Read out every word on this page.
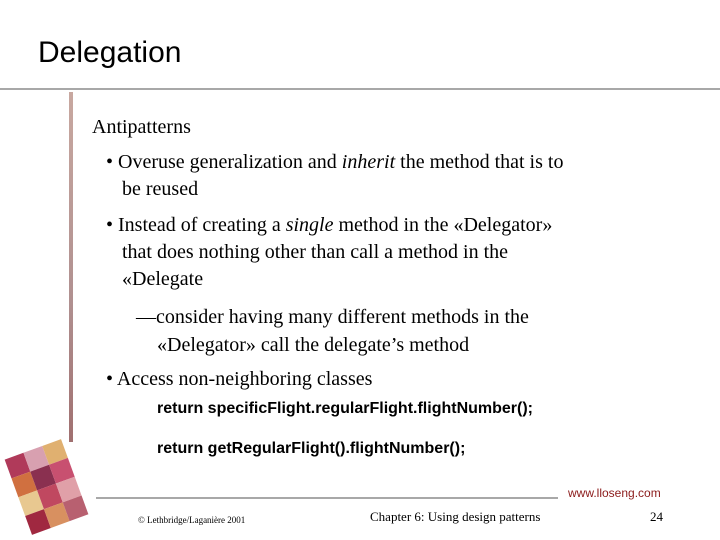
Delegation
Antipatterns
• Overuse generalization and inherit the method that is to
be reused
• Instead of creating a single method in the «Delegator»
that does nothing other than call a method in the
«Delegate
—consider having many different methods in the
«Delegator» call the delegate’s method
• Access non-neighboring classes
return specificFlight.regularFlight.flightNumber();
return getRegularFlight().flightNumber();
www.lloseng.com
© Lethbridge/Laganière 2001	Chapter 6: Using design patterns	24
